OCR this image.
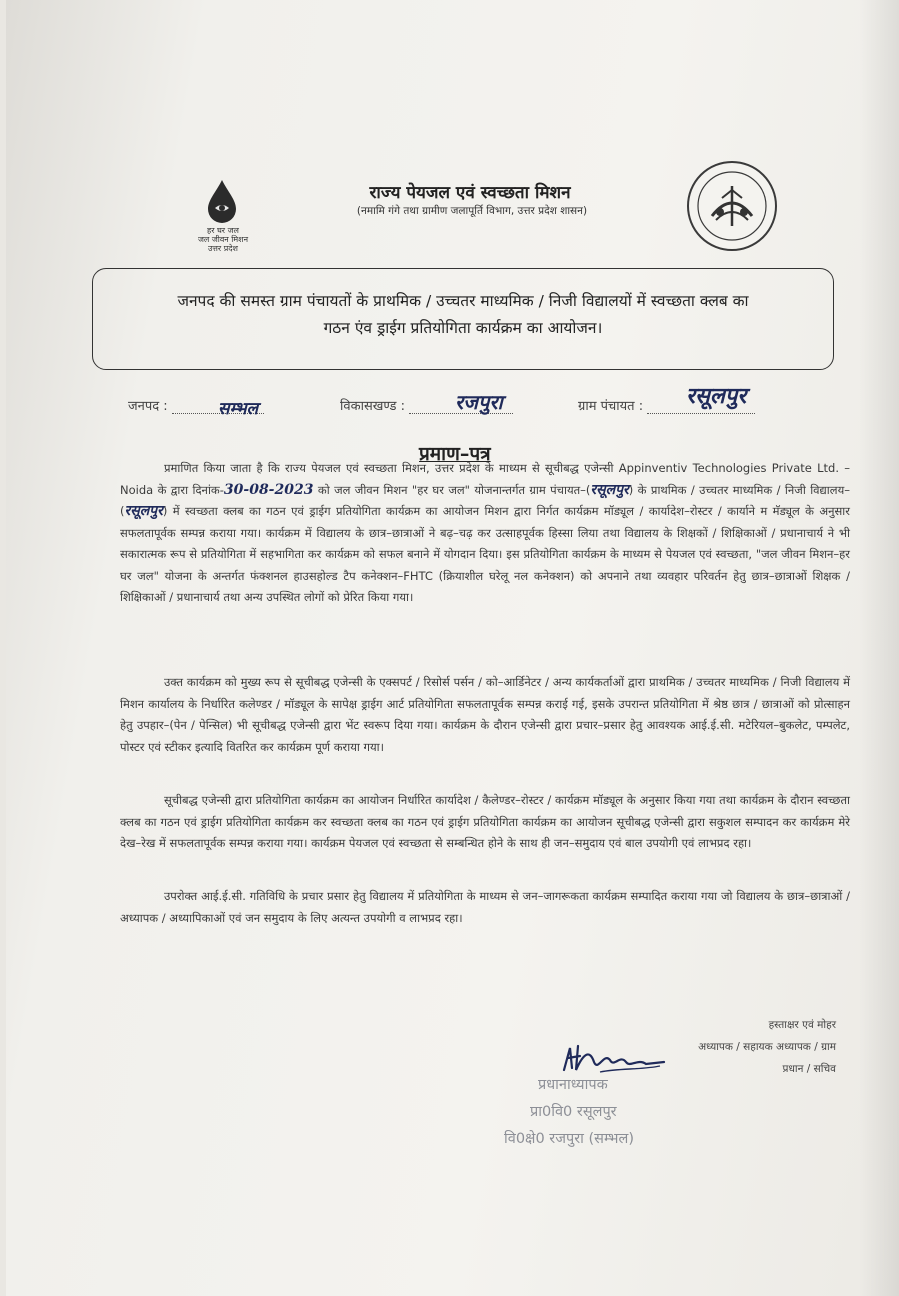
हर घर जल
जल जीवन मिशन
उत्तर प्रदेश
राज्य पेयजल एवं स्वच्छता मिशन
(नमामि गंगे तथा ग्रामीण जलापूर्ति विभाग, उत्तर प्रदेश शासन)
जनपद की समस्त ग्राम पंचायतों के प्राथमिक / उच्चतर माध्यमिक / निजी विद्यालयों में स्वच्छता क्लब का
गठन एंव ड्राईग प्रतियोगिता कार्यक्रम का आयोजन।
जनपद :	सम्भल	विकासखण्ड :	रजपुरा	ग्राम पंचायत :	रसूलपुर
प्रमाण–पत्र
प्रमाणित किया जाता है कि राज्य पेयजल एवं स्वच्छता मिशन, उत्तर प्रदेश के माध्यम से सूचीबद्ध एजेन्सी Appinventiv Technologies Private Ltd. – Noida के द्वारा दिनांक-30-08-2023 को जल जीवन मिशन "हर घर जल" योजनान्तर्गत ग्राम पंचायत–(रसूलपुर) के प्राथमिक / उच्चतर माध्यमिक / निजी विद्यालय–(रसूलपुर) में स्वच्छता क्लब का गठन एवं ड्राईग प्रतियोगिता कार्यक्रम का आयोजन मिशन द्वारा निर्गत कार्यक्रम मॉड्यूल / कार्यादेश–रोस्टर / कार्याने म मॅड्यूल के अनुसार सफलतापूर्वक सम्पन्न कराया गया। कार्यक्रम में विद्यालय के छात्र–छात्राओं ने बढ़–चढ़ कर उत्साहपूर्वक हिस्सा लिया तथा विद्यालय के शिक्षकों / शिक्षिकाओं / प्रधानाचार्य ने भी सकारात्मक रूप से प्रतियोगिता में सहभागिता कर कार्यक्रम को सफल बनाने में योगदान दिया। इस प्रतियोगिता कार्यक्रम के माध्यम से पेयजल एवं स्वच्छता, "जल जीवन मिशन–हर घर जल" योजना के अन्तर्गत फंक्शनल हाउसहोल्ड टैप कनेक्शन–FHTC (क्रियाशील घरेलू नल कनेक्शन) को अपनाने तथा व्यवहार परिवर्तन हेतु छात्र–छात्राओं शिक्षक / शिक्षिकाओं / प्रधानाचार्य तथा अन्य उपस्थित लोगों को प्रेरित किया गया।
उक्त कार्यक्रम को मुख्य रूप से सूचीबद्ध एजेन्सी के एक्सपर्ट / रिसोर्स पर्सन / को–आर्डिनेटर / अन्य कार्यकर्ताओं द्वारा प्राथमिक / उच्चतर माध्यमिक / निजी विद्यालय में मिशन कार्यालय के निर्धारित कलेण्डर / मॉड्यूल के सापेक्ष ड्राईग आर्ट प्रतियोगिता सफलतापूर्वक सम्पन्न कराई गई, इसके उपरान्त प्रतियोगिता में श्रेष्ठ छात्र / छात्राओं को प्रोत्साहन हेतु उपहार–(पेन / पेन्सिल) भी सूचीबद्ध एजेन्सी द्वारा भेंट स्वरूप दिया गया। कार्यक्रम के दौरान एजेन्सी द्वारा प्रचार–प्रसार हेतु आवश्यक आई.ई.सी. मटेरियल–बुकलेट, पम्पलेट, पोस्टर एवं स्टीकर इत्यादि वितरित कर कार्यक्रम पूर्ण कराया गया।
सूचीबद्ध एजेन्सी द्वारा प्रतियोगिता कार्यक्रम का आयोजन निर्धारित कार्यादेश / कैलेण्डर–रोस्टर / कार्यक्रम मॉड्यूल के अनुसार किया गया तथा कार्यक्रम के दौरान स्वच्छता क्लब का गठन एवं ड्राईग प्रतियोगिता कार्यक्रम कर स्वच्छता क्लब का गठन एवं ड्राईग प्रतियोगिता कार्यक्रम का आयोजन सूचीबद्ध एजेन्सी द्वारा सकुशल सम्पादन कर कार्यक्रम मेरे देख–रेख में सफलतापूर्वक सम्पन्न कराया गया। कार्यक्रम पेयजल एवं स्वच्छता से सम्बन्धित होने के साथ ही जन–समुदाय एवं बाल उपयोगी एवं लाभप्रद रहा।
उपरोक्त आई.ई.सी. गतिविधि के प्रचार प्रसार हेतु विद्यालय में प्रतियोगिता के माध्यम से जन–जागरूकता कार्यक्रम सम्पादित कराया गया जो विद्यालय के छात्र–छात्राओं / अध्यापक / अध्यापिकाओं एवं जन समुदाय के लिए अत्यन्त उपयोगी व लाभप्रद रहा।
हस्ताक्षर एवं मोहर
अध्यापक / सहायक अध्यापक / ग्राम
प्रधान / सचिव
प्रधानाध्यापक
प्रा0वि0 रसूलपुर
वि0क्षे0 रजपुरा (सम्भल)
